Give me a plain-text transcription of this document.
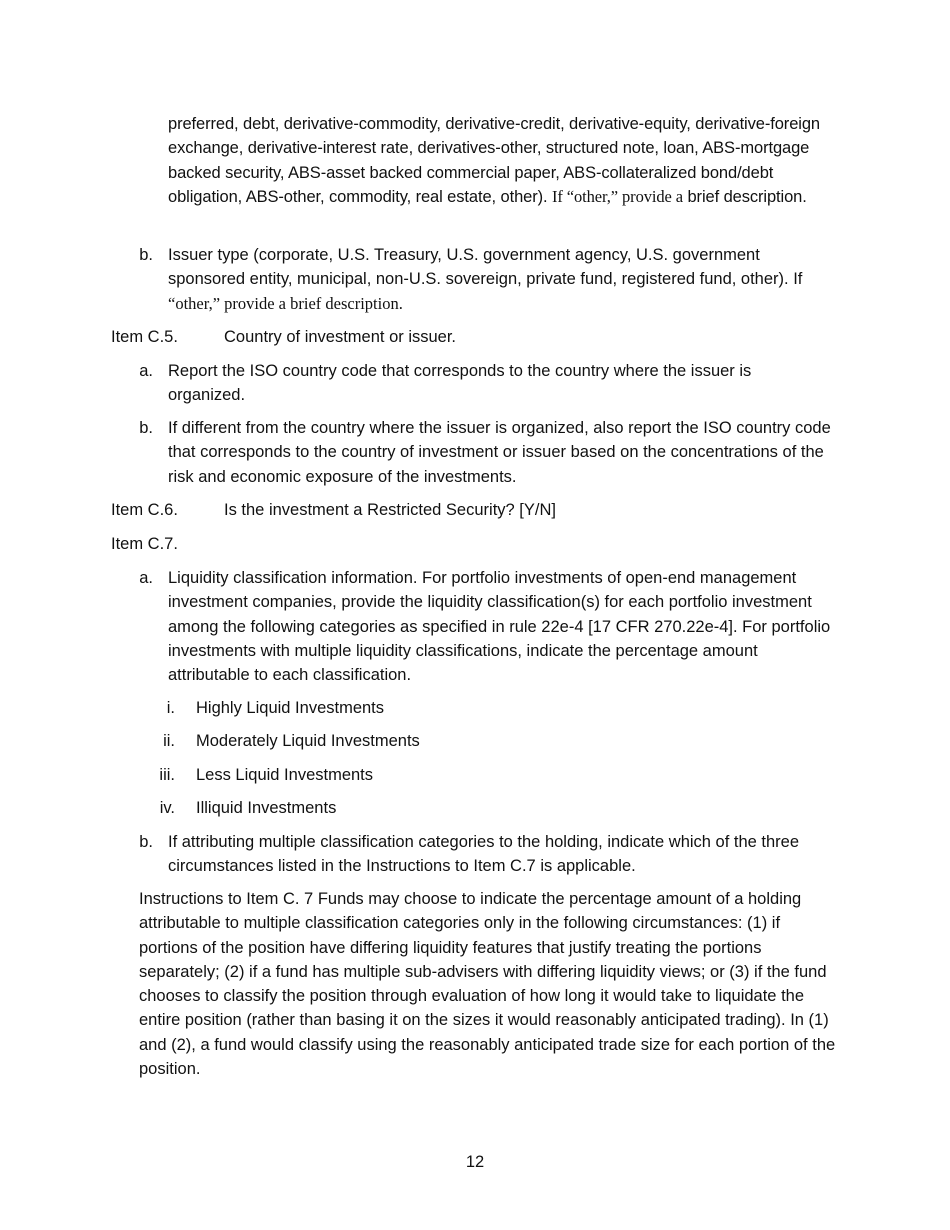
preferred, debt, derivative-commodity, derivative-credit, derivative-equity, derivative-foreign exchange, derivative-interest rate, derivatives-other, structured note, loan, ABS-mortgage backed security, ABS-asset backed commercial paper, ABS-collateralized bond/debt obligation, ABS-other, commodity, real estate, other). If “other,” provide a brief description.
b. Issuer type (corporate, U.S. Treasury, U.S. government agency, U.S. government sponsored entity, municipal, non-U.S. sovereign, private fund, registered fund, other). If “other,” provide a brief description.
Item C.5.	Country of investment or issuer.
a. Report the ISO country code that corresponds to the country where the issuer is organized.
b. If different from the country where the issuer is organized, also report the ISO country code that corresponds to the country of investment or issuer based on the concentrations of the risk and economic exposure of the investments.
Item C.6.	Is the investment a Restricted Security? [Y/N]
Item C.7.
a. Liquidity classification information. For portfolio investments of open-end management investment companies, provide the liquidity classification(s) for each portfolio investment among the following categories as specified in rule 22e-4 [17 CFR 270.22e-4]. For portfolio investments with multiple liquidity classifications, indicate the percentage amount attributable to each classification.
i. Highly Liquid Investments
ii. Moderately Liquid Investments
iii. Less Liquid Investments
iv. Illiquid Investments
b. If attributing multiple classification categories to the holding, indicate which of the three circumstances listed in the Instructions to Item C.7 is applicable.
Instructions to Item C. 7 Funds may choose to indicate the percentage amount of a holding attributable to multiple classification categories only in the following circumstances: (1) if portions of the position have differing liquidity features that justify treating the portions separately; (2) if a fund has multiple sub-advisers with differing liquidity views; or (3) if the fund chooses to classify the position through evaluation of how long it would take to liquidate the entire position (rather than basing it on the sizes it would reasonably anticipated trading). In (1) and (2), a fund would classify using the reasonably anticipated trade size for each portion of the position.
12
